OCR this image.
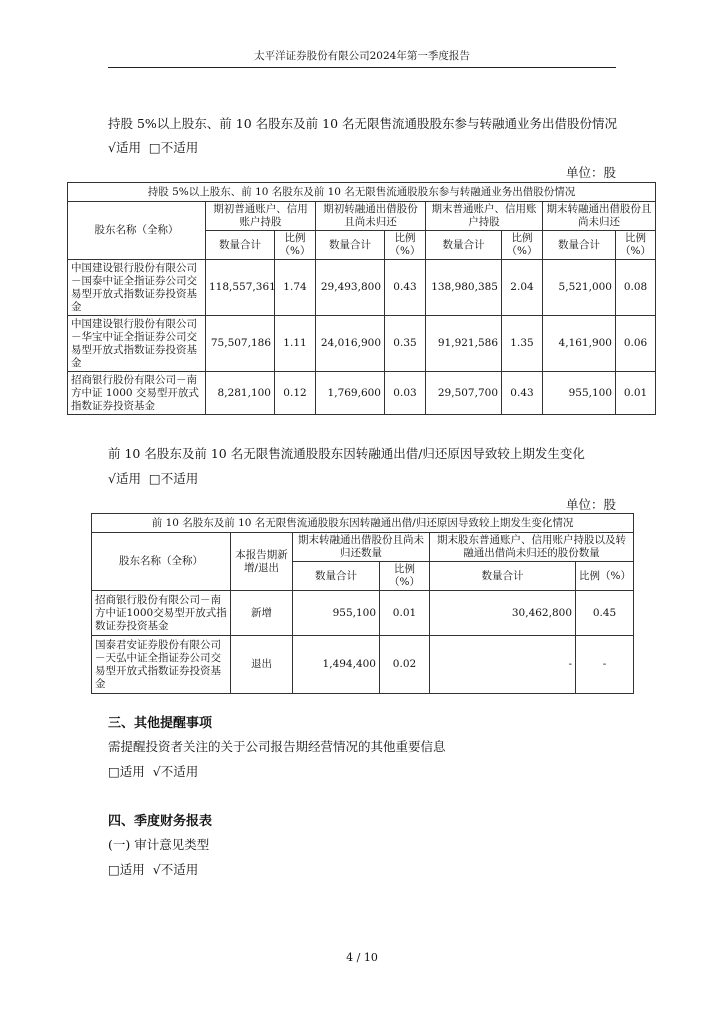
太平洋证券股份有限公司2024年第一季度报告
持股 5%以上股东、前 10 名股东及前 10 名无限售流通股股东参与转融通业务出借股份情况
√适用 □不适用
单位：股
持股 5%以上股东、前 10 名股东及前 10 名无限售流通股股东参与转融通业务出借股份情况								
股东名称（全称）	期初普通账户、信用账户持股		期初转融通出借股份且尚未归还		期末普通账户、信用账户持股		期末转融通出借股份且尚未归还	
	数量合计	比例（%）	数量合计	比例（%）	数量合计	比例（%）	数量合计	比例（%）
中国建设银行股份有限公司－国泰中证全指证券公司交易型开放式指数证券投资基金	118,557,361	1.74	29,493,800	0.43	138,980,385	2.04	5,521,000	0.08
中国建设银行股份有限公司－华宝中证全指证券公司交易型开放式指数证券投资基金	75,507,186	1.11	24,016,900	0.35	91,921,586	1.35	4,161,900	0.06
招商银行股份有限公司－南方中证 1000 交易型开放式指数证券投资基金	8,281,100	0.12	1,769,600	0.03	29,507,700	0.43	955,100	0.01
前 10 名股东及前 10 名无限售流通股股东因转融通出借/归还原因导致较上期发生变化
√适用 □不适用
单位：股
前 10 名股东及前 10 名无限售流通股股东因转融通出借/归还原因导致较上期发生变化情况					
股东名称（全称）	本报告期新增/退出	期末转融通出借股份且尚未归还数量		期末股东普通账户、信用账户持股以及转融通出借尚未归还的股份数量	
		数量合计	比例（%）	数量合计	比例（%）
招商银行股份有限公司－南方中证1000交易型开放式指数证券投资基金	新增	955,100	0.01	30,462,800	0.45
国泰君安证券股份有限公司－天弘中证全指证券公司交易型开放式指数证券投资基金	退出	1,494,400	0.02	-	-
三、其他提醒事项
需提醒投资者关注的关于公司报告期经营情况的其他重要信息
□适用  √不适用
四、季度财务报表
(一) 审计意见类型
□适用  √不适用
4 / 10
